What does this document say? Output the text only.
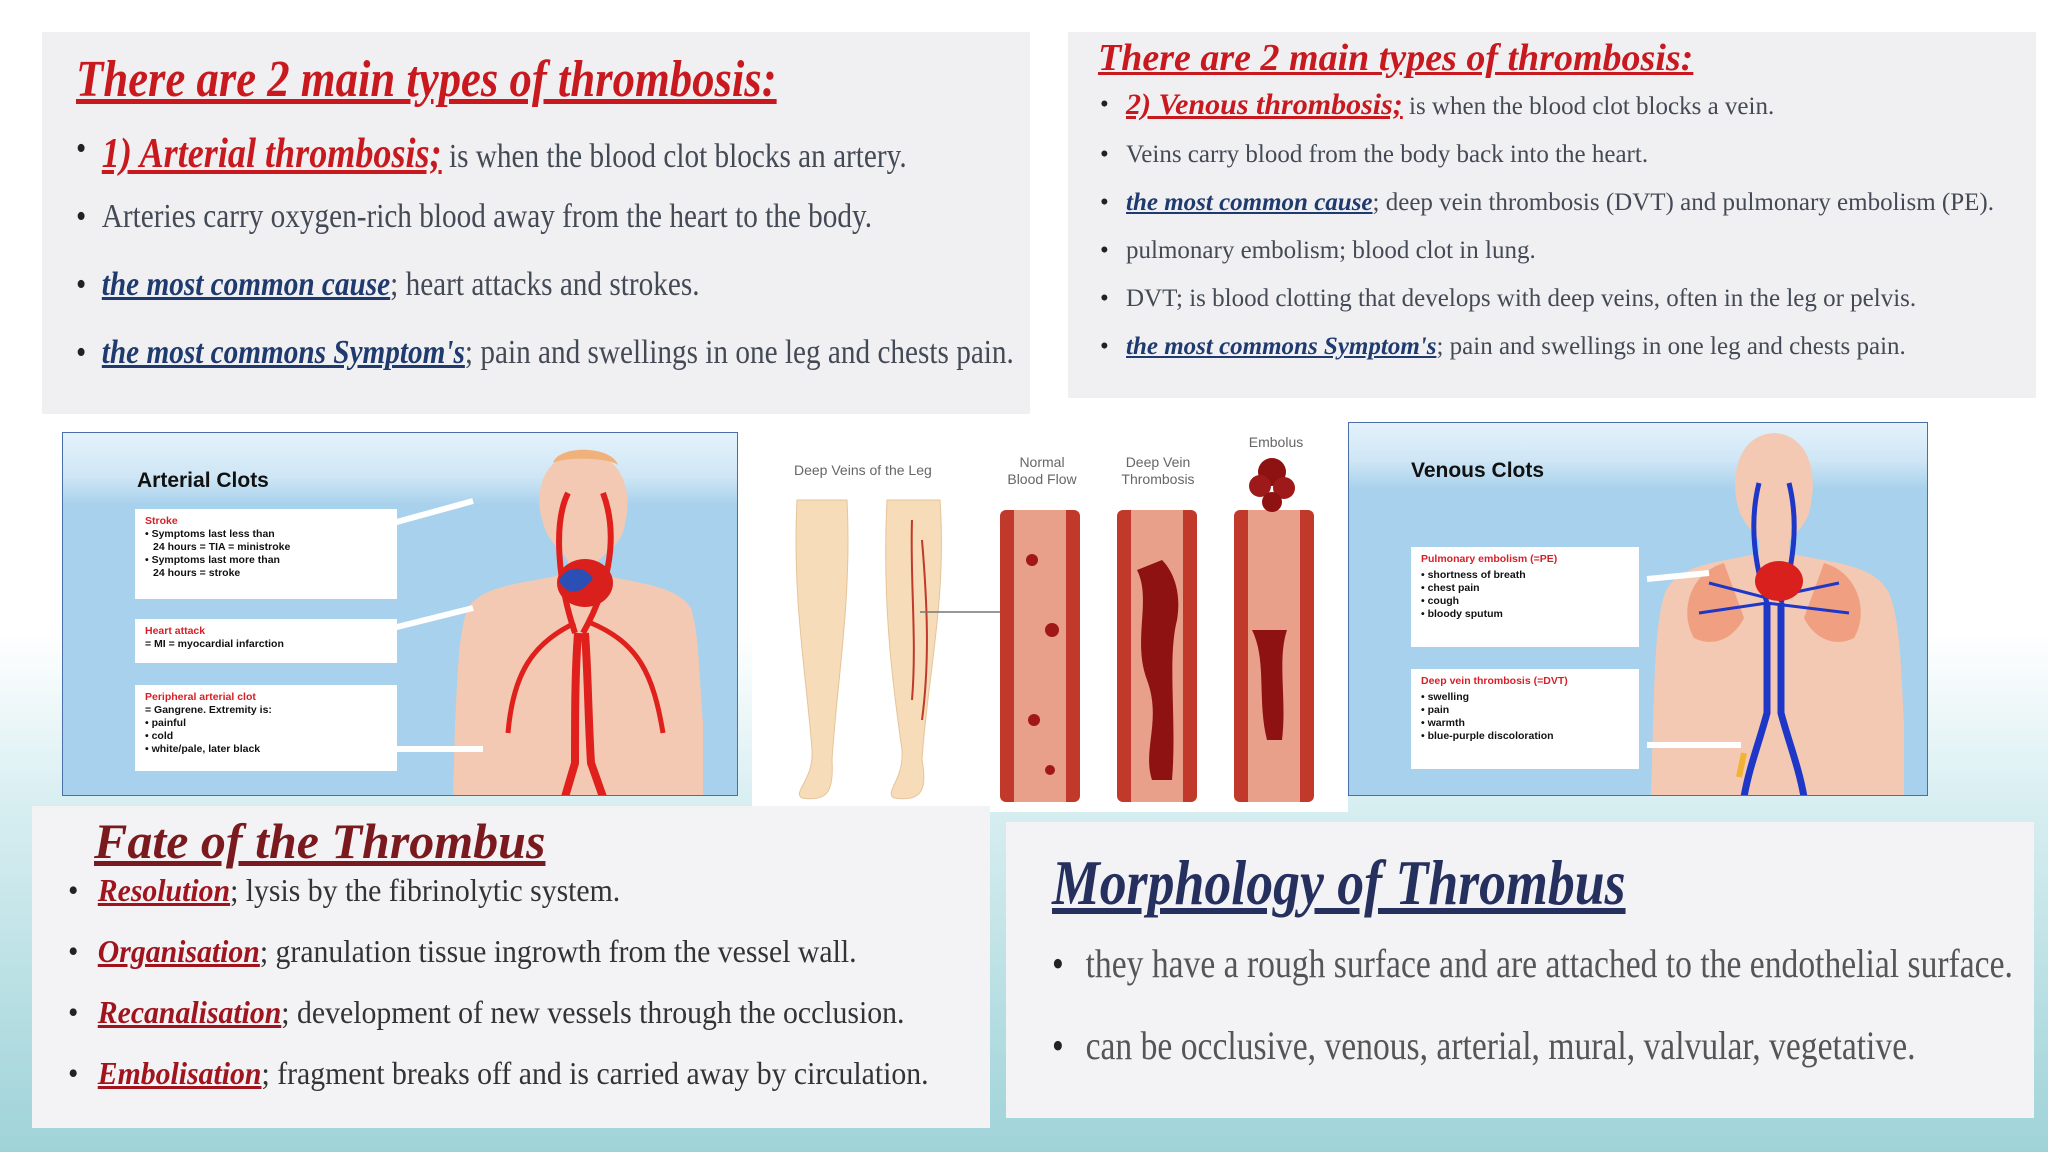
There are 2 main types of thrombosis:
• 1) Arterial thrombosis; is when the blood clot blocks an artery.
• Arteries carry oxygen-rich blood away from the heart to the body.
• the most common cause; heart attacks and strokes.
• the most commons Symptom's; pain and swellings in one leg and chests pain.
There are 2 main types of thrombosis:
• 2) Venous thrombosis; is when the blood clot blocks a vein.
• Veins carry blood from the body back into the heart.
• the most common cause; deep vein thrombosis (DVT) and pulmonary embolism (PE).
• pulmonary embolism; blood clot in lung.
• DVT; is blood clotting that develops with deep veins, often in the leg or pelvis.
• the most commons Symptom's; pain and swellings in one leg and chests pain.
Arterial Clots
Stroke
• Symptoms last less than
24 hours = TIA = ministroke
• Symptoms last more than
24 hours = stroke
Heart attack
= MI = myocardial infarction
Peripheral arterial clot
= Gangrene. Extremity is:
• painful
• cold
• white/pale, later black
Deep Veins of the Leg	Normal Blood Flow
Deep Vein Thrombosis
Embolus
Venous Clots
Pulmonary embolism (=PE)
• shortness of breath
• chest pain
• cough
• bloody sputum
Deep vein thrombosis (=DVT)
• swelling
• pain
• warmth
• blue-purple discoloration
Fate of the Thrombus
• Resolution; lysis by the fibrinolytic system.
• Organisation; granulation tissue ingrowth from the vessel wall.
• Recanalisation; development of new vessels through the occlusion.
• Embolisation; fragment breaks off and is carried away by circulation.
Morphology of Thrombus
• they have a rough surface and are attached to the endothelial surface.
• can be occlusive, venous, arterial, mural, valvular, vegetative.
